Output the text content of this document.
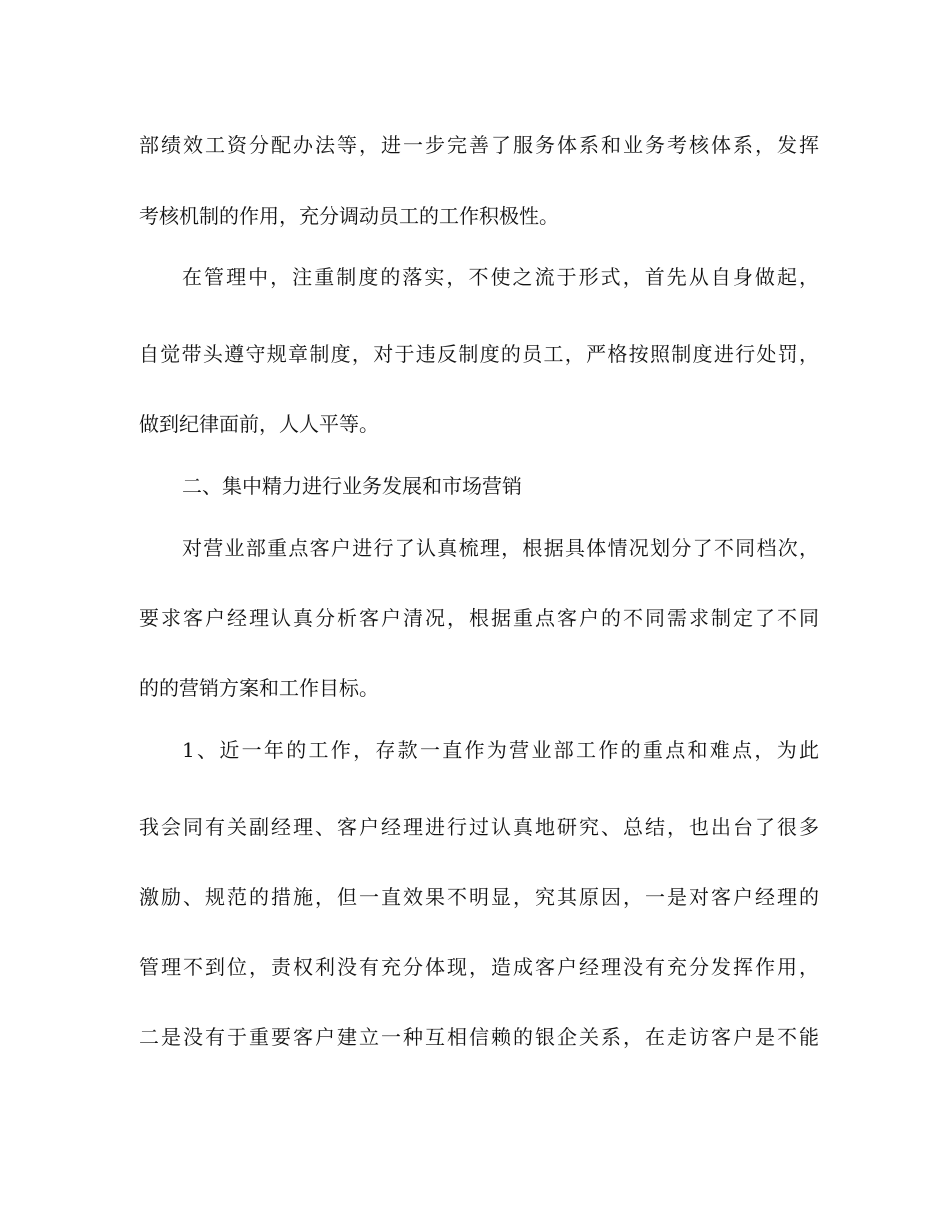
部绩效工资分配办法等，进一步完善了服务体系和业务考核体系，发挥
考核机制的作用，充分调动员工的工作积极性。
在管理中，注重制度的落实，不使之流于形式，首先从自身做起，
自觉带头遵守规章制度，对于违反制度的员工，严格按照制度进行处罚，
做到纪律面前，人人平等。
二、集中精力进行业务发展和市场营销
对营业部重点客户进行了认真梳理，根据具体情况划分了不同档次，
要求客户经理认真分析客户清况，根据重点客户的不同需求制定了不同
的的营销方案和工作目标。
1、近一年的工作，存款一直作为营业部工作的重点和难点，为此
我会同有关副经理、客户经理进行过认真地研究、总结，也出台了很多
激励、规范的措施，但一直效果不明显，究其原因，一是对客户经理的
管理不到位，责权利没有充分体现，造成客户经理没有充分发挥作用，
二是没有于重要客户建立一种互相信赖的银企关系，在走访客户是不能
